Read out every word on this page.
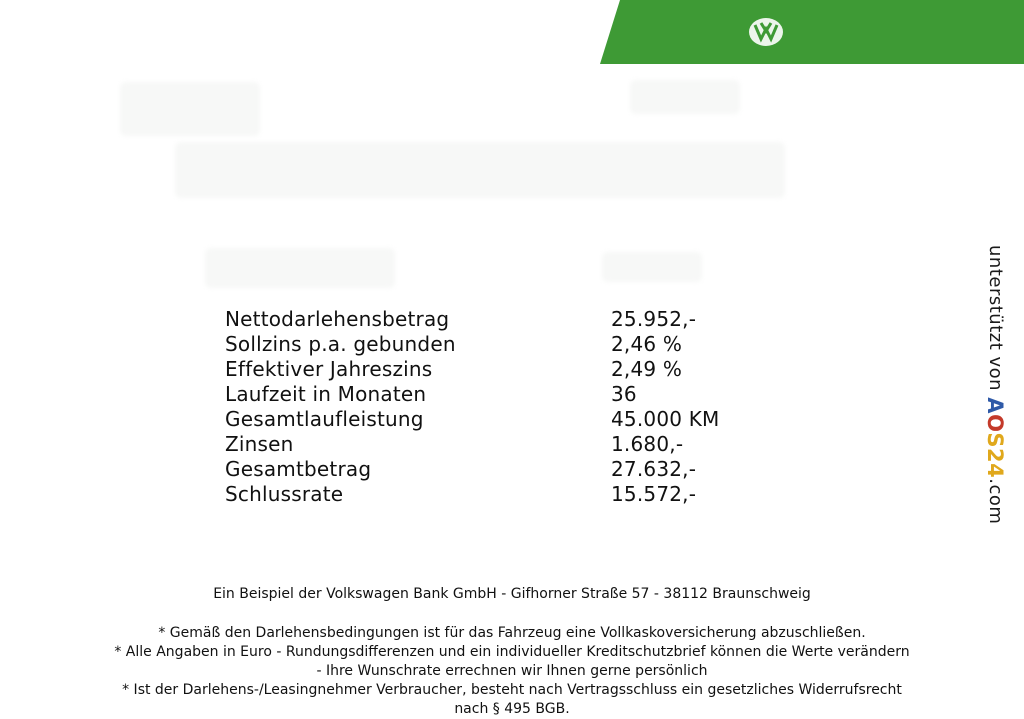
Nettodarlehensbetrag	25.952,-
Sollzins p.a. gebunden	2,46 %
Effektiver Jahreszins	2,49 %
Laufzeit in Monaten	36
Gesamtlaufleistung	45.000 KM
Zinsen	1.680,-
Gesamtbetrag	27.632,-
Schlussrate	15.572,-
unterstützt von AOS24.com

Ein Beispiel der Volkswagen Bank GmbH - Gifhorner Straße 57 - 38112 Braunschweig

* Gemäß den Darlehensbedingungen ist für das Fahrzeug eine Vollkaskoversicherung abzuschließen.

* Alle Angaben in Euro - Rundungsdifferenzen und ein individueller Kreditschutzbrief können die Werte verändern

- Ihre Wunschrate errechnen wir Ihnen gerne persönlich

* Ist der Darlehens-/Leasingnehmer Verbraucher, besteht nach Vertragsschluss ein gesetzliches Widerrufsrecht

nach § 495 BGB.
